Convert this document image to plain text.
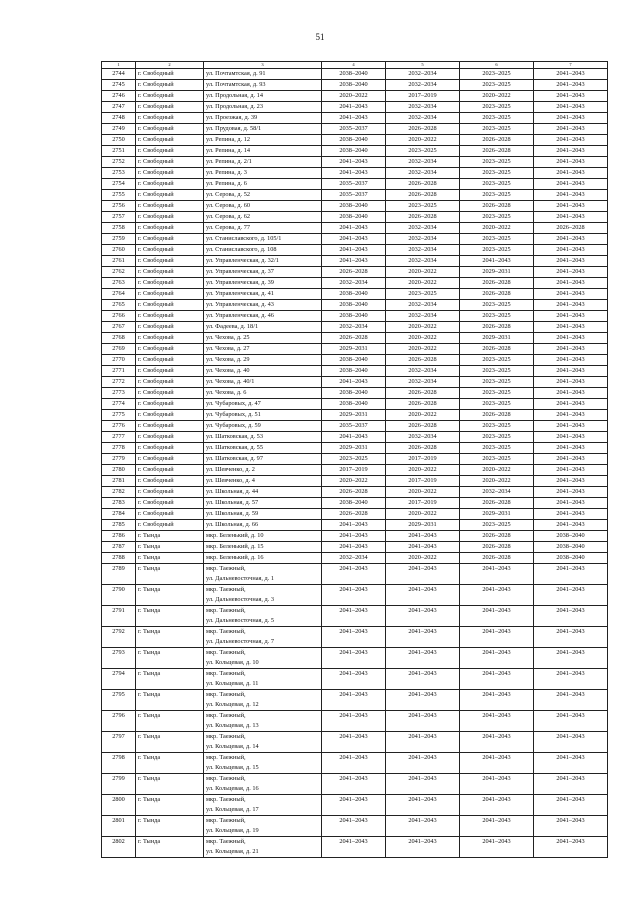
51
1	2	3	4	5	6	7
2744	г. Свободный	ул. Почтамтская, д. 91	2038–2040	2032–2034	2023–2025	2041–2043
2745	г. Свободный	ул. Почтамтская, д. 93	2038–2040	2032–2034	2023–2025	2041–2043
2746	г. Свободный	ул. Продольная, д. 14	2020–2022	2017–2019	2020–2022	2041–2043
2747	г. Свободный	ул. Продольная, д. 23	2041–2043	2032–2034	2023–2025	2041–2043
2748	г. Свободный	ул. Проезжая, д. 39	2041–2043	2032–2034	2023–2025	2041–2043
2749	г. Свободный	ул. Прудовая, д. 58/1	2035–2037	2026–2028	2023–2025	2041–2043
2750	г. Свободный	ул. Репина, д. 12	2038–2040	2020–2022	2026–2028	2041–2043
2751	г. Свободный	ул. Репина, д. 14	2038–2040	2023–2025	2026–2028	2041–2043
2752	г. Свободный	ул. Репина, д. 2/1	2041–2043	2032–2034	2023–2025	2041–2043
2753	г. Свободный	ул. Репина, д. 3	2041–2043	2032–2034	2023–2025	2041–2043
2754	г. Свободный	ул. Репина, д. 6	2035–2037	2026–2028	2023–2025	2041–2043
2755	г. Свободный	ул. Серова, д. 52	2035–2037	2026–2028	2023–2025	2041–2043
2756	г. Свободный	ул. Серова, д. 60	2038–2040	2023–2025	2026–2028	2041–2043
2757	г. Свободный	ул. Серова, д. 62	2038–2040	2026–2028	2023–2025	2041–2043
2758	г. Свободный	ул. Серова, д. 77	2041–2043	2032–2034	2020–2022	2026–2028
2759	г. Свободный	ул. Станиславского, д. 105/1	2041–2043	2032–2034	2023–2025	2041–2043
2760	г. Свободный	ул. Станиславского, д. 108	2041–2043	2032–2034	2023–2025	2041–2043
2761	г. Свободный	ул. Управленческая, д. 32/1	2041–2043	2032–2034	2041–2043	2041–2043
2762	г. Свободный	ул. Управленческая, д. 37	2026–2028	2020–2022	2029–2031	2041–2043
2763	г. Свободный	ул. Управленческая, д. 39	2032–2034	2020–2022	2026–2028	2041–2043
2764	г. Свободный	ул. Управленческая, д. 41	2038–2040	2023–2025	2026–2028	2041–2043
2765	г. Свободный	ул. Управленческая, д. 43	2038–2040	2032–2034	2023–2025	2041–2043
2766	г. Свободный	ул. Управленческая, д. 46	2038–2040	2032–2034	2023–2025	2041–2043
2767	г. Свободный	ул. Фадеева, д. 18/1	2032–2034	2020–2022	2026–2028	2041–2043
2768	г. Свободный	ул. Чехова, д. 25	2026–2028	2020–2022	2029–2031	2041–2043
2769	г. Свободный	ул. Чехова, д. 27	2029–2031	2020–2022	2026–2028	2041–2043
2770	г. Свободный	ул. Чехова, д. 29	2038–2040	2026–2028	2023–2025	2041–2043
2771	г. Свободный	ул. Чехова, д. 40	2038–2040	2032–2034	2023–2025	2041–2043
2772	г. Свободный	ул. Чехова, д. 40/1	2041–2043	2032–2034	2023–2025	2041–2043
2773	г. Свободный	ул. Чехова, д. 6	2038–2040	2026–2028	2023–2025	2041–2043
2774	г. Свободный	ул. Чубаровых, д. 47	2038–2040	2026–2028	2023–2025	2041–2043
2775	г. Свободный	ул. Чубаровых, д. 51	2029–2031	2020–2022	2026–2028	2041–2043
2776	г. Свободный	ул. Чубаровых, д. 59	2035–2037	2026–2028	2023–2025	2041–2043
2777	г. Свободный	ул. Шатковская, д. 53	2041–2043	2032–2034	2023–2025	2041–2043
2778	г. Свободный	ул. Шатковская, д. 55	2029–2031	2026–2028	2023–2025	2041–2043
2779	г. Свободный	ул. Шатковская, д. 97	2023–2025	2017–2019	2023–2025	2041–2043
2780	г. Свободный	ул. Шевченко, д. 2	2017–2019	2020–2022	2020–2022	2041–2043
2781	г. Свободный	ул. Шевченко, д. 4	2020–2022	2017–2019	2020–2022	2041–2043
2782	г. Свободный	ул. Школьная, д. 44	2026–2028	2020–2022	2032–2034	2041–2043
2783	г. Свободный	ул. Школьная, д. 57	2038–2040	2017–2019	2026–2028	2041–2043
2784	г. Свободный	ул. Школьная, д. 59	2026–2028	2020–2022	2029–2031	2041–2043
2785	г. Свободный	ул. Школьная, д. 66	2041–2043	2029–2031	2023–2025	2041–2043
2786	г. Тында	мкр. Беленький, д. 10	2041–2043	2041–2043	2026–2028	2038–2040
2787	г. Тында	мкр. Беленький, д. 15	2041–2043	2041–2043	2026–2028	2038–2040
2788	г. Тында	мкр. Беленький, д. 16	2032–2034	2020–2022	2026–2028	2038–2040
2789	г. Тында	мкр. Таежный,
ул. Дальневосточная, д. 1	2041–2043	2041–2043	2041–2043	2041–2043
2790	г. Тында	мкр. Таежный,
ул. Дальневосточная, д. 3	2041–2043	2041–2043	2041–2043	2041–2043
2791	г. Тында	мкр. Таежный,
ул. Дальневосточная, д. 5	2041–2043	2041–2043	2041–2043	2041–2043
2792	г. Тында	мкр. Таежный,
ул. Дальневосточная, д. 7	2041–2043	2041–2043	2041–2043	2041–2043
2793	г. Тында	мкр. Таежный,
ул. Кольцевая, д. 10	2041–2043	2041–2043	2041–2043	2041–2043
2794	г. Тында	мкр. Таежный,
ул. Кольцевая, д. 11	2041–2043	2041–2043	2041–2043	2041–2043
2795	г. Тында	мкр. Таежный,
ул. Кольцевая, д. 12	2041–2043	2041–2043	2041–2043	2041–2043
2796	г. Тында	мкр. Таежный,
ул. Кольцевая, д. 13	2041–2043	2041–2043	2041–2043	2041–2043
2797	г. Тында	мкр. Таежный,
ул. Кольцевая, д. 14	2041–2043	2041–2043	2041–2043	2041–2043
2798	г. Тында	мкр. Таежный,
ул. Кольцевая, д. 15	2041–2043	2041–2043	2041–2043	2041–2043
2799	г. Тында	мкр. Таежный,
ул. Кольцевая, д. 16	2041–2043	2041–2043	2041–2043	2041–2043
2800	г. Тында	мкр. Таежный,
ул. Кольцевая, д. 17	2041–2043	2041–2043	2041–2043	2041–2043
2801	г. Тында	мкр. Таежный,
ул. Кольцевая, д. 19	2041–2043	2041–2043	2041–2043	2041–2043
2802	г. Тында	мкр. Таежный,
ул. Кольцевая, д. 21	2041–2043	2041–2043	2041–2043	2041–2043
